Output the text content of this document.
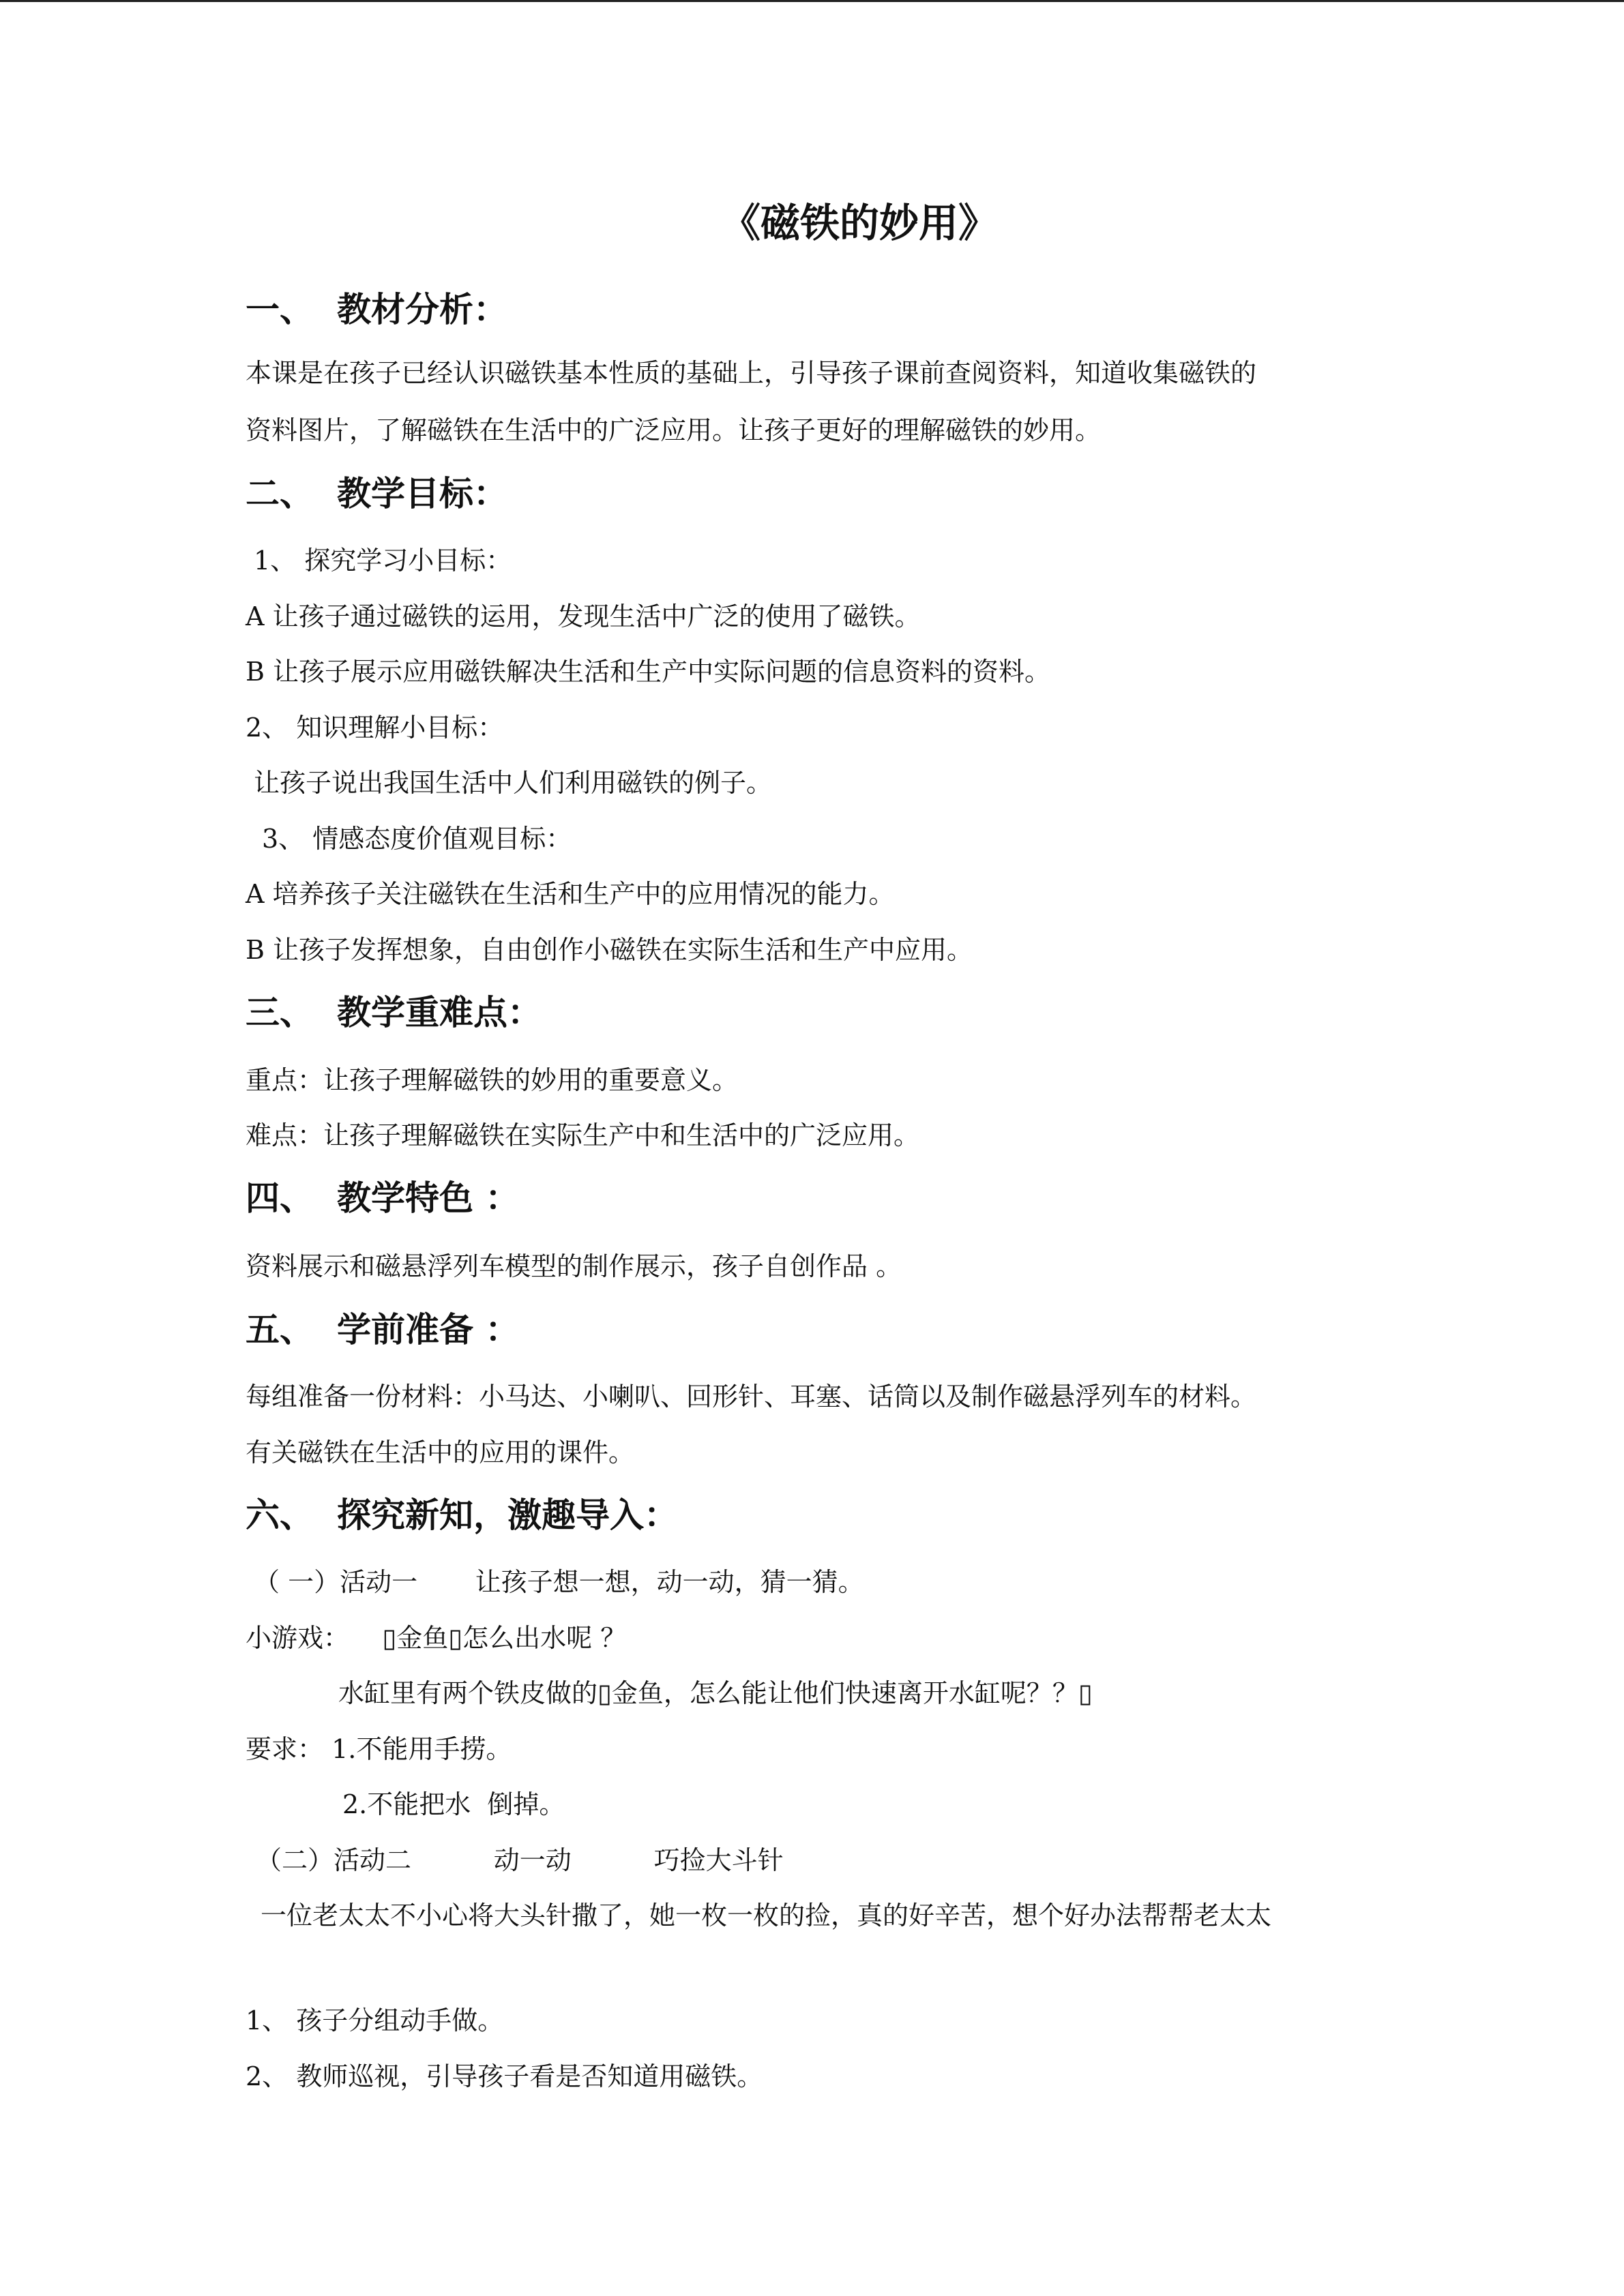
《磁铁的妙用》
一、 教材分析：
本课是在孩子已经认识磁铁基本性质的基础上，引导孩子课前查阅资料，知道收集磁铁的
资料图片，了解磁铁在生活中的广泛应用。让孩子更好的理解磁铁的妙用。
二、 教学目标：
1、 探究学习小目标：
A 让孩子通过磁铁的运用，发现生活中广泛的使用了磁铁。
B 让孩子展示应用磁铁解决生活和生产中实际问题的信息资料的资料。
2、 知识理解小目标：
让孩子说出我国生活中人们利用磁铁的例子。
3、 情感态度价值观目标：
A 培养孩子关注磁铁在生活和生产中的应用情况的能力。
B 让孩子发挥想象，自由创作小磁铁在实际生活和生产中应用。
三、 教学重难点：
重点：让孩子理解磁铁的妙用的重要意义。
难点：让孩子理解磁铁在实际生产中和生活中的广泛应用。
四、 教学特色 ：
资料展示和磁悬浮列车模型的制作展示，孩子自创作品 。
五、 学前准备 ：
每组准备一份材料：小马达、小喇叭、回形针、耳塞、话筒以及制作磁悬浮列车的材料。
有关磁铁在生活中的应用的课件。
六、 探究新知，激趣导入：
（ 一）活动一       让孩子想一想，动一动，猜一猜。
小游戏：    ▯金鱼▯怎么出水呢 ？
水缸里有两个铁皮做的▯金鱼，怎么能让他们快速离开水缸呢？？▯
要求： 1.不能用手捞。
2.不能把水  倒掉。
（二）活动二          动一动          巧捡大斗针
一位老太太不小心将大头针撒了，她一枚一枚的捡，真的好辛苦，想个好办法帮帮老太太
1、 孩子分组动手做。
2、 教师巡视，引导孩子看是否知道用磁铁。
